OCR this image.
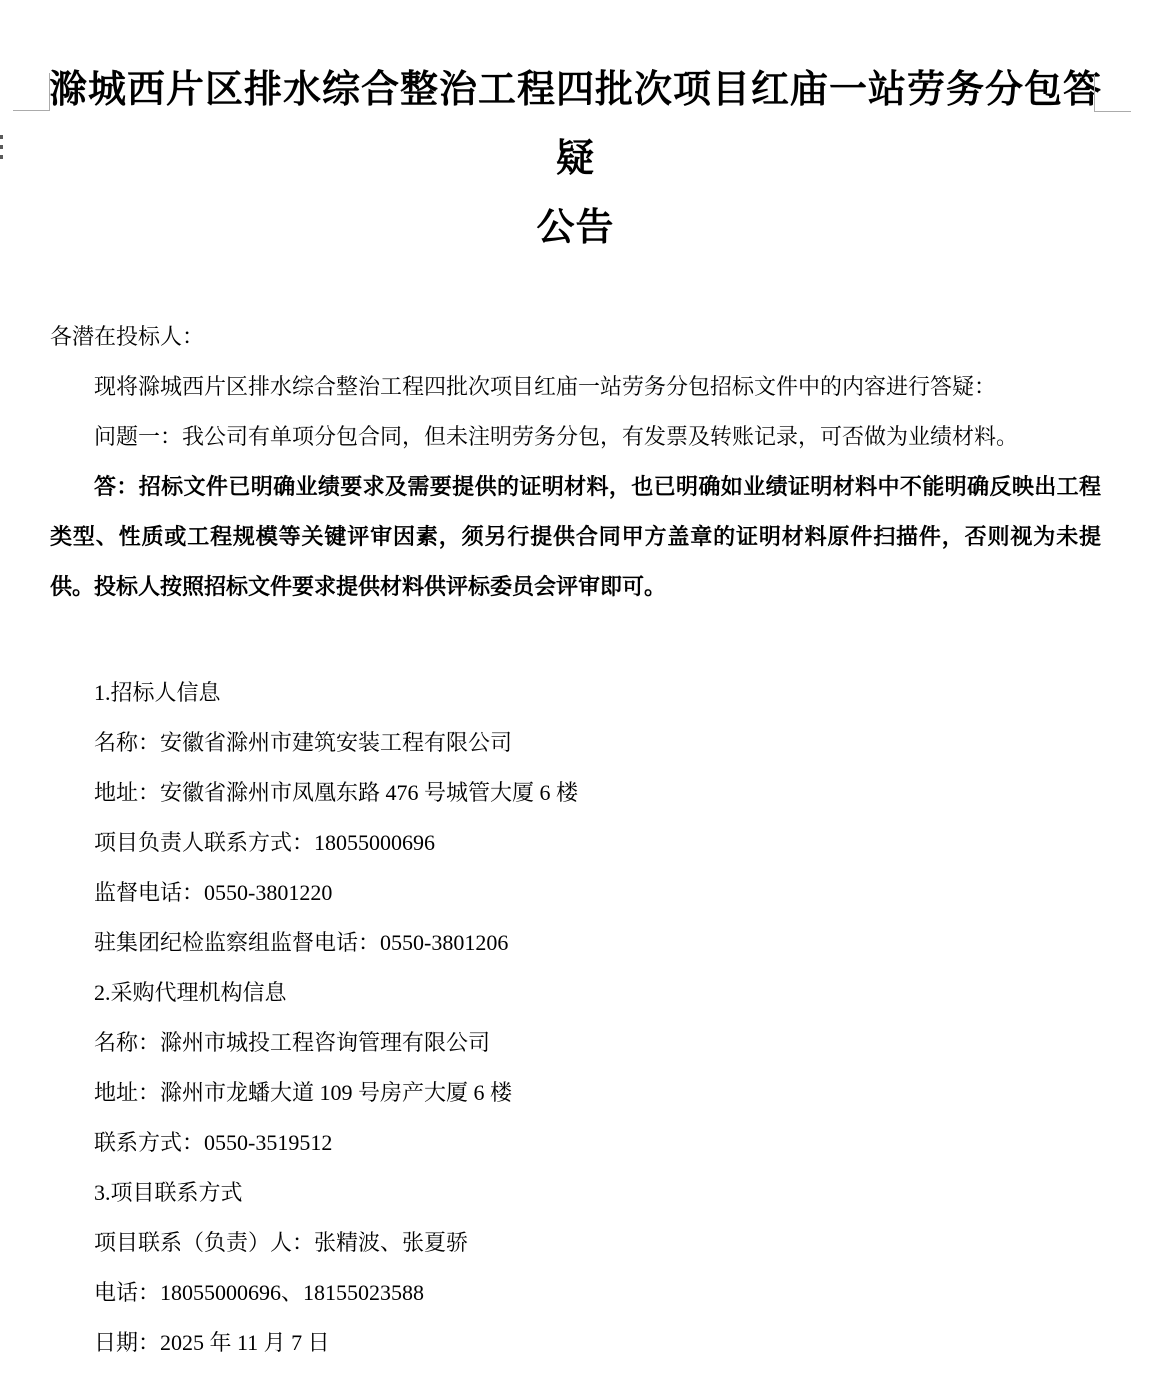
滁城西片区排水综合整治工程四批次项目红庙一站劳务分包答疑
公告

各潜在投标人：

现将滁城西片区排水综合整治工程四批次项目红庙一站劳务分包招标文件中的内容进行答疑：

问题一：我公司有单项分包合同，但未注明劳务分包，有发票及转账记录，可否做为业绩材料。

答：招标文件已明确业绩要求及需要提供的证明材料，也已明确如业绩证明材料中不能明确反映出工程类型、性质或工程规模等关键评审因素，须另行提供合同甲方盖章的证明材料原件扫描件，否则视为未提供。投标人按照招标文件要求提供材料供评标委员会评审即可。

1.招标人信息

名称：安徽省滁州市建筑安装工程有限公司

地址：安徽省滁州市凤凰东路 476 号城管大厦 6 楼

项目负责人联系方式：18055000696

监督电话：0550-3801220

驻集团纪检监察组监督电话：0550-3801206

2.采购代理机构信息

名称：滁州市城投工程咨询管理有限公司

地址：滁州市龙蟠大道 109 号房产大厦 6 楼

联系方式：0550-3519512

3.项目联系方式

项目联系（负责）人：张精波、张夏骄

电话：18055000696、18155023588

日期：2025 年 11 月 7 日
